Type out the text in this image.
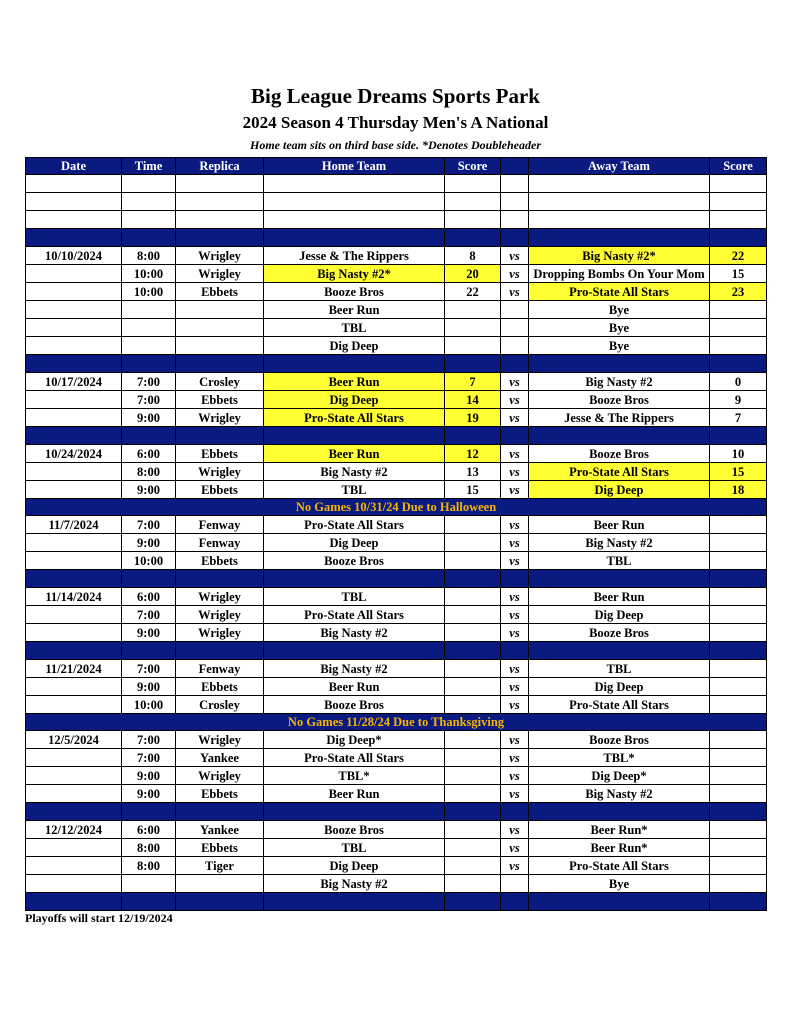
Big League Dreams Sports Park
2024 Season 4 Thursday Men's A National
Home team sits on third base side. *Denotes Doubleheader
Date	Time	Replica	Home Team	Score		Away Team	Score

10/10/2024	8:00	Wrigley	Jesse & The Rippers	8	vs	Big Nasty #2*	22
	10:00	Wrigley	Big Nasty #2*	20	vs	Dropping Bombs On Your Mom	15
	10:00	Ebbets	Booze Bros	22	vs	Pro-State All Stars	23
			Beer Run			Bye	
			TBL			Bye	
			Dig Deep			Bye	

10/17/2024	7:00	Crosley	Beer Run	7	vs	Big Nasty #2	0
	7:00	Ebbets	Dig Deep	14	vs	Booze Bros	9
	9:00	Wrigley	Pro-State All Stars	19	vs	Jesse & The Rippers	7

10/24/2024	6:00	Ebbets	Beer Run	12	vs	Booze Bros	10
	8:00	Wrigley	Big Nasty #2	13	vs	Pro-State All Stars	15
	9:00	Ebbets	TBL	15	vs	Dig Deep	18
No Games 10/31/24 Due to Halloween							
11/7/2024	7:00	Fenway	Pro-State All Stars		vs	Beer Run	
	9:00	Fenway	Dig Deep		vs	Big Nasty #2	
	10:00	Ebbets	Booze Bros		vs	TBL	

11/14/2024	6:00	Wrigley	TBL		vs	Beer Run	
	7:00	Wrigley	Pro-State All Stars		vs	Dig Deep	
	9:00	Wrigley	Big Nasty #2		vs	Booze Bros	

11/21/2024	7:00	Fenway	Big Nasty #2		vs	TBL	
	9:00	Ebbets	Beer Run		vs	Dig Deep	
	10:00	Crosley	Booze Bros		vs	Pro-State All Stars	
No Games 11/28/24 Due to Thanksgiving							
12/5/2024	7:00	Wrigley	Dig Deep*		vs	Booze Bros	
	7:00	Yankee	Pro-State All Stars		vs	TBL*	
	9:00	Wrigley	TBL*		vs	Dig Deep*	
	9:00	Ebbets	Beer Run		vs	Big Nasty #2	

12/12/2024	6:00	Yankee	Booze Bros		vs	Beer Run*	
	8:00	Ebbets	TBL		vs	Beer Run*	
	8:00	Tiger	Dig Deep		vs	Pro-State All Stars	
			Big Nasty #2			Bye	

Playoffs will start 12/19/2024
